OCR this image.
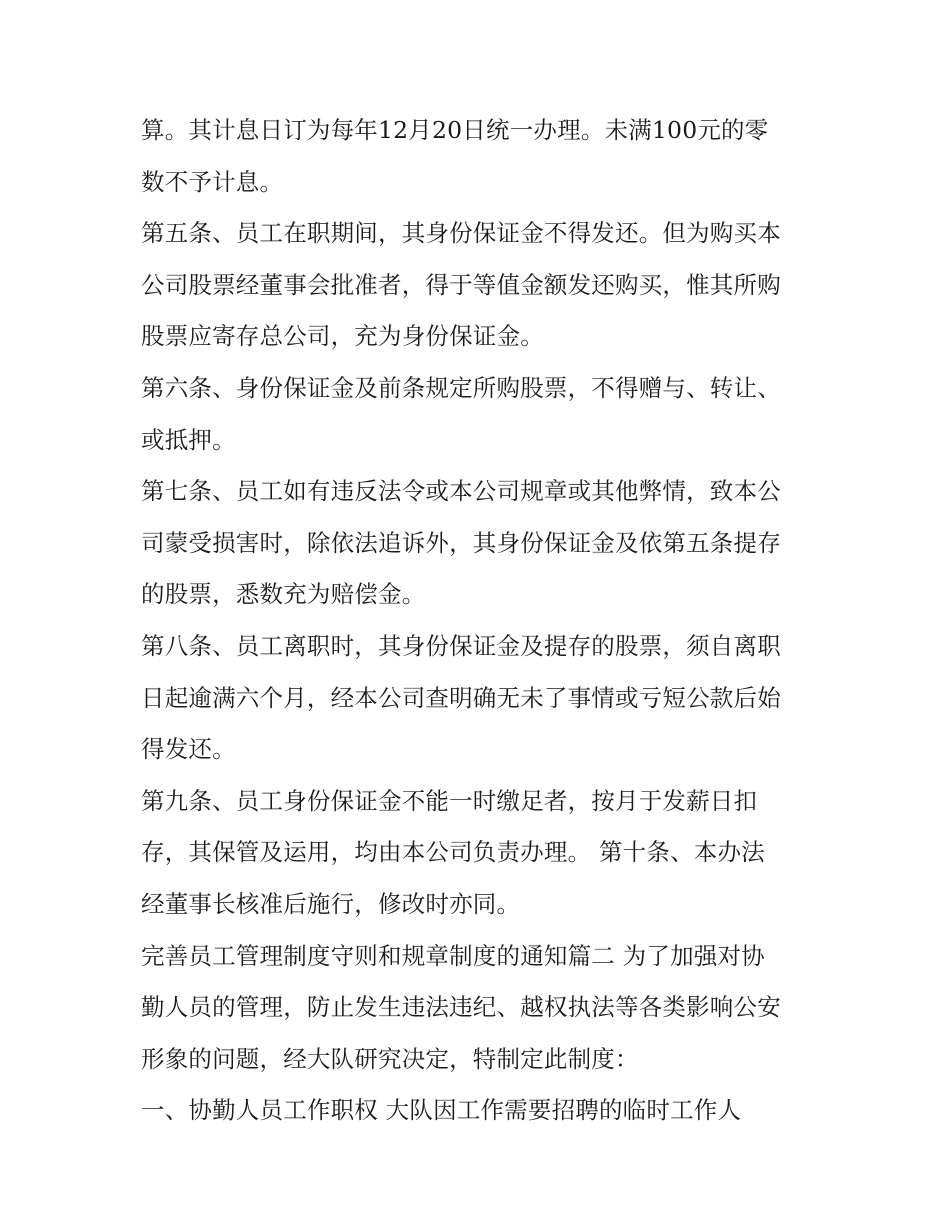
算。其计息日订为每年12月20日统一办理。未满100元的零
数不予计息。
第五条、员工在职期间，其身份保证金不得发还。但为购买本
公司股票经董事会批准者，得于等值金额发还购买，惟其所购
股票应寄存总公司，充为身份保证金。
第六条、身份保证金及前条规定所购股票，不得赠与、转让、
或抵押。
第七条、员工如有违反法令或本公司规章或其他弊情，致本公
司蒙受损害时，除依法追诉外，其身份保证金及依第五条提存
的股票，悉数充为赔偿金。
第八条、员工离职时，其身份保证金及提存的股票，须自离职
日起逾满六个月，经本公司查明确无未了事情或亏短公款后始
得发还。
第九条、员工身份保证金不能一时缴足者，按月于发薪日扣
存，其保管及运用，均由本公司负责办理。 第十条、本办法
经董事长核准后施行，修改时亦同。
完善员工管理制度守则和规章制度的通知篇二 为了加强对协
勤人员的管理，防止发生违法违纪、越权执法等各类影响公安
形象的问题，经大队研究决定，特制定此制度：
一、协勤人员工作职权 大队因工作需要招聘的临时工作人
